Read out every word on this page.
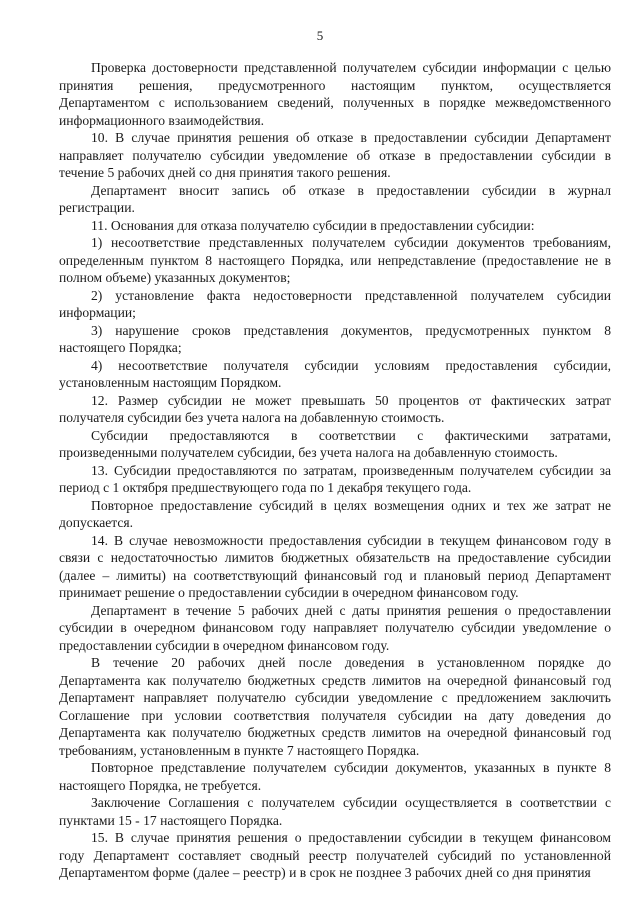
5
Проверка достоверности представленной получателем субсидии информации с целью
принятия решения, предусмотренного настоящим пунктом, осуществляется
Департаментом с использованием сведений, полученных в порядке межведомственного
информационного взаимодействия.
10. В случае принятия решения об отказе в предоставлении субсидии Департамент
направляет получателю субсидии уведомление об отказе в предоставлении субсидии в
течение 5 рабочих дней со дня принятия такого решения.
Департамент вносит запись об отказе в предоставлении субсидии в журнал
регистрации.
11. Основания для отказа получателю субсидии в предоставлении субсидии:
1) несоответствие представленных получателем субсидии документов требованиям,
определенным пунктом 8 настоящего Порядка, или непредставление (предоставление не в
полном объеме) указанных документов;
2) установление факта недостоверности представленной получателем субсидии
информации;
3) нарушение сроков представления документов, предусмотренных пунктом 8
настоящего Порядка;
4) несоответствие получателя субсидии условиям предоставления субсидии,
установленным настоящим Порядком.
12. Размер субсидии не может превышать 50 процентов от фактических затрат
получателя субсидии без учета налога на добавленную стоимость.
Субсидии предоставляются в соответствии с фактическими затратами,
произведенными получателем субсидии, без учета налога на добавленную стоимость.
13. Субсидии предоставляются по затратам, произведенным получателем субсидии за
период с 1 октября предшествующего года по 1 декабря текущего года.
Повторное предоставление субсидий в целях возмещения одних и тех же затрат не
допускается.
14. В случае невозможности предоставления субсидии в текущем финансовом году в
связи с недостаточностью лимитов бюджетных обязательств на предоставление субсидии
(далее – лимиты) на соответствующий финансовый год и плановый период Департамент
принимает решение о предоставлении субсидии в очередном финансовом году.
Департамент в течение 5 рабочих дней с даты принятия решения о предоставлении
субсидии в очередном финансовом году направляет получателю субсидии уведомление о
предоставлении субсидии в очередном финансовом году.
В течение 20 рабочих дней после доведения в установленном порядке до
Департамента как получателю бюджетных средств лимитов на очередной финансовый год
Департамент направляет получателю субсидии уведомление с предложением заключить
Соглашение при условии соответствия получателя субсидии на дату доведения до
Департамента как получателю бюджетных средств лимитов на очередной финансовый год
требованиям, установленным в пункте 7 настоящего Порядка.
Повторное представление получателем субсидии документов, указанных в пункте 8
настоящего Порядка, не требуется.
Заключение Соглашения с получателем субсидии осуществляется в соответствии с
пунктами 15 - 17 настоящего Порядка.
15. В случае принятия решения о предоставлении субсидии в текущем финансовом
году Департамент составляет сводный реестр получателей субсидий по установленной
Департаментом форме (далее – реестр) и в срок не позднее 3 рабочих дней со дня принятия
